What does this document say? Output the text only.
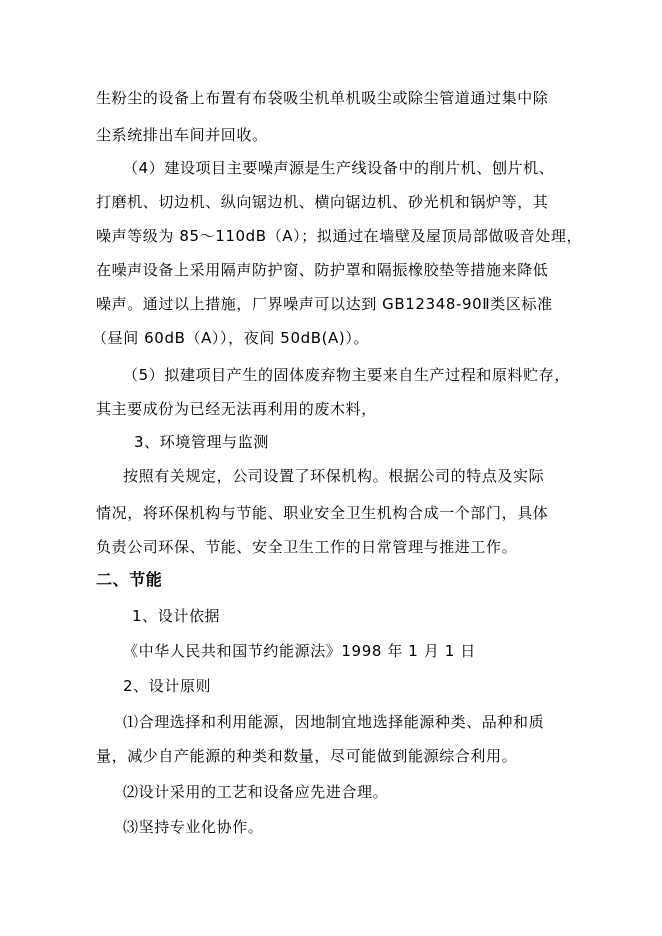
生粉尘的设备上布置有布袋吸尘机单机吸尘或除尘管道通过集中除
尘系统排出车间并回收。
（4）建设项目主要噪声源是生产线设备中的削片机、刨片机、
打磨机、切边机、纵向锯边机、横向锯边机、砂光机和锅炉等，其
噪声等级为 85～110dB（A）；拟通过在墙壁及屋顶局部做吸音处理，
在噪声设备上采用隔声防护窗、防护罩和隔振橡胶垫等措施来降低
噪声。通过以上措施，厂界噪声可以达到 GB12348-90Ⅱ类区标准
（昼间 60dB（A）），夜间 50dB(A)）。
（5）拟建项目产生的固体废弃物主要来自生产过程和原料贮存，
其主要成份为已经无法再利用的废木料，
3、环境管理与监测
按照有关规定，公司设置了环保机构。根据公司的特点及实际
情况，将环保机构与节能、职业安全卫生机构合成一个部门，具体
负责公司环保、节能、安全卫生工作的日常管理与推进工作。
二、节能
1、设计依据
《中华人民共和国节约能源法》1998 年 1 月 1 日
2、设计原则
⑴合理选择和利用能源，因地制宜地选择能源种类、品种和质
量，减少自产能源的种类和数量，尽可能做到能源综合利用。
⑵设计采用的工艺和设备应先进合理。
⑶坚持专业化协作。
